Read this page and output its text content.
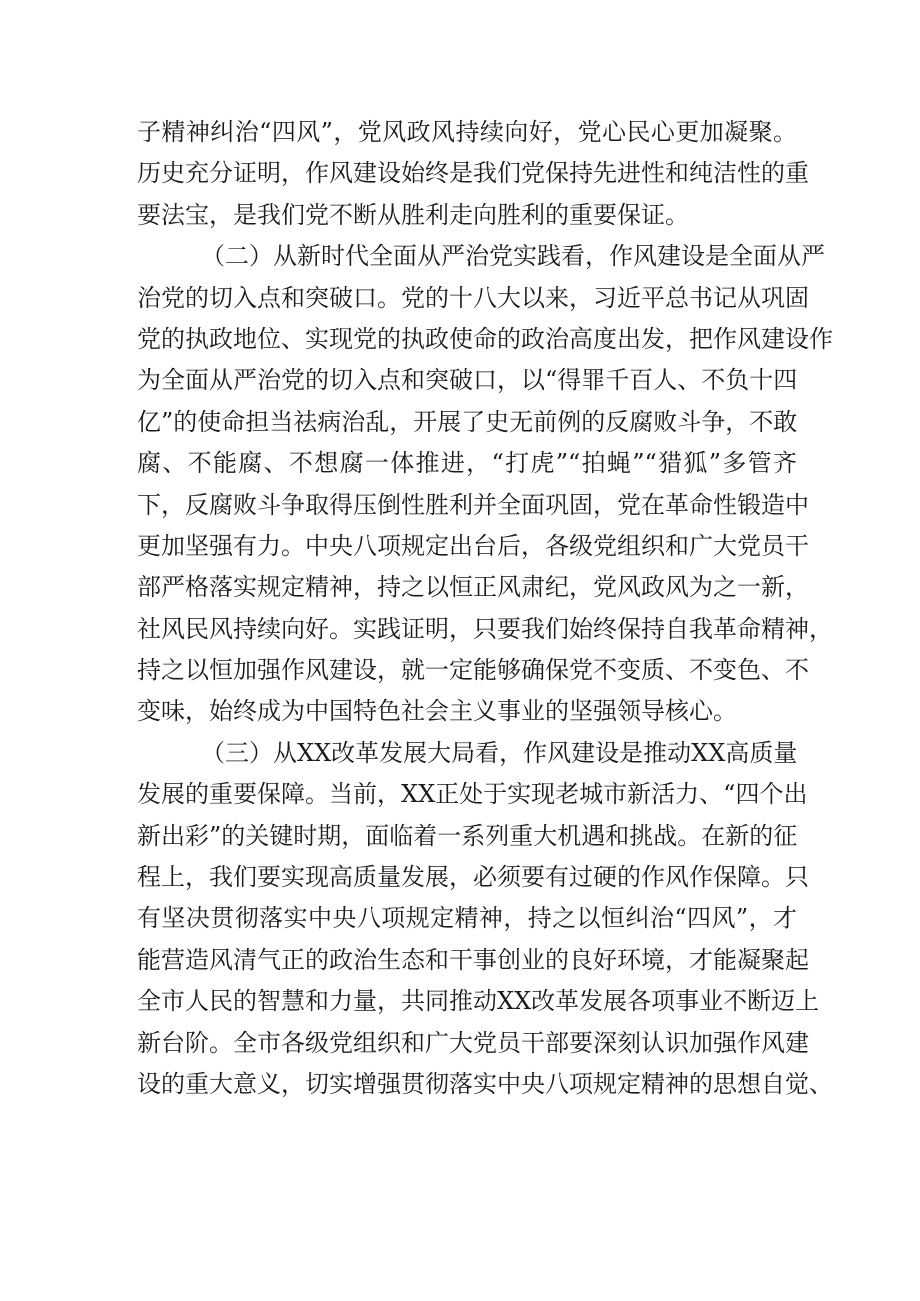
子精神纠治“四风”，党风政风持续向好，党心民心更加凝聚。
历史充分证明，作风建设始终是我们党保持先进性和纯洁性的重
要法宝，是我们党不断从胜利走向胜利的重要保证。
（二）从新时代全面从严治党实践看，作风建设是全面从严
治党的切入点和突破口。党的十八大以来，习近平总书记从巩固
党的执政地位、实现党的执政使命的政治高度出发，把作风建设作
为全面从严治党的切入点和突破口，以“得罪千百人、不负十四
亿”的使命担当祛病治乱，开展了史无前例的反腐败斗争，不敢
腐、不能腐、不想腐一体推进，“打虎”“拍蝇”“猎狐”多管齐
下，反腐败斗争取得压倒性胜利并全面巩固，党在革命性锻造中
更加坚强有力。中央八项规定出台后，各级党组织和广大党员干
部严格落实规定精神，持之以恒正风肃纪，党风政风为之一新，
社风民风持续向好。实践证明，只要我们始终保持自我革命精神，
持之以恒加强作风建设，就一定能够确保党不变质、不变色、不
变味，始终成为中国特色社会主义事业的坚强领导核心。
（三）从XX改革发展大局看，作风建设是推动XX高质量
发展的重要保障。当前，XX正处于实现老城市新活力、“四个出
新出彩”的关键时期，面临着一系列重大机遇和挑战。在新的征
程上，我们要实现高质量发展，必须要有过硬的作风作保障。只
有坚决贯彻落实中央八项规定精神，持之以恒纠治“四风”，才
能营造风清气正的政治生态和干事创业的良好环境，才能凝聚起
全市人民的智慧和力量，共同推动XX改革发展各项事业不断迈上
新台阶。全市各级党组织和广大党员干部要深刻认识加强作风建
设的重大意义，切实增强贯彻落实中央八项规定精神的思想自觉、
